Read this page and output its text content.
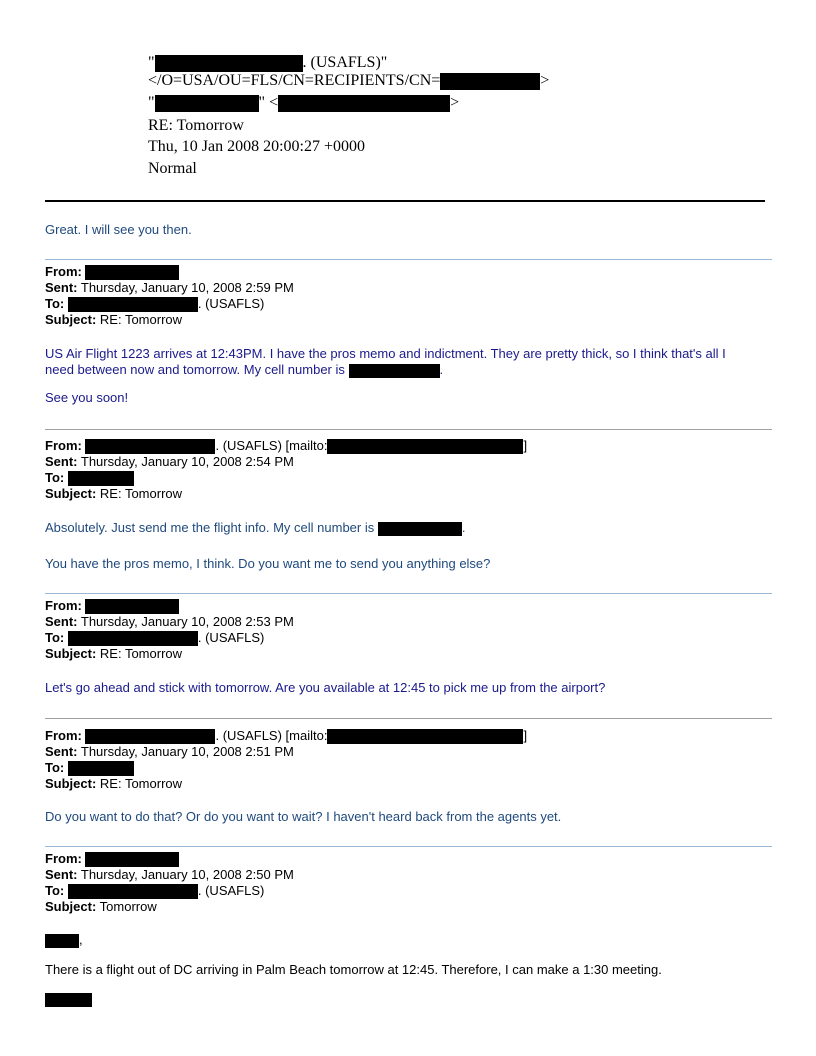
"	. (USAFLS)"
</O=USA/OU=FLS/CN=RECIPIENTS/CN=	>
"	" <	>
RE: Tomorrow
Thu, 10 Jan 2008 20:00:27 +0000
Normal
Great. I will see you then.
From:
Sent: Thursday, January 10, 2008 2:59 PM
To:	. (USAFLS)
Subject: RE: Tomorrow
US Air Flight 1223 arrives at 12:43PM. I have the pros memo and indictment. They are pretty thick, so I think that's all I
need between now and tomorrow. My cell number is	.
See you soon!
From:	. (USAFLS) [mailto:	]
Sent: Thursday, January 10, 2008 2:54 PM
To:
Subject: RE: Tomorrow
Absolutely. Just send me the flight info. My cell number is	.
You have the pros memo, I think. Do you want me to send you anything else?
From:
Sent: Thursday, January 10, 2008 2:53 PM
To:	. (USAFLS)
Subject: RE: Tomorrow
Let's go ahead and stick with tomorrow. Are you available at 12:45 to pick me up from the airport?
From:	. (USAFLS) [mailto:	]
Sent: Thursday, January 10, 2008 2:51 PM
To:
Subject: RE: Tomorrow
Do you want to do that? Or do you want to wait? I haven't heard back from the agents yet.
From:
Sent: Thursday, January 10, 2008 2:50 PM
To:	. (USAFLS)
Subject: Tomorrow
,
There is a flight out of DC arriving in Palm Beach tomorrow at 12:45. Therefore, I can make a 1:30 meeting.
